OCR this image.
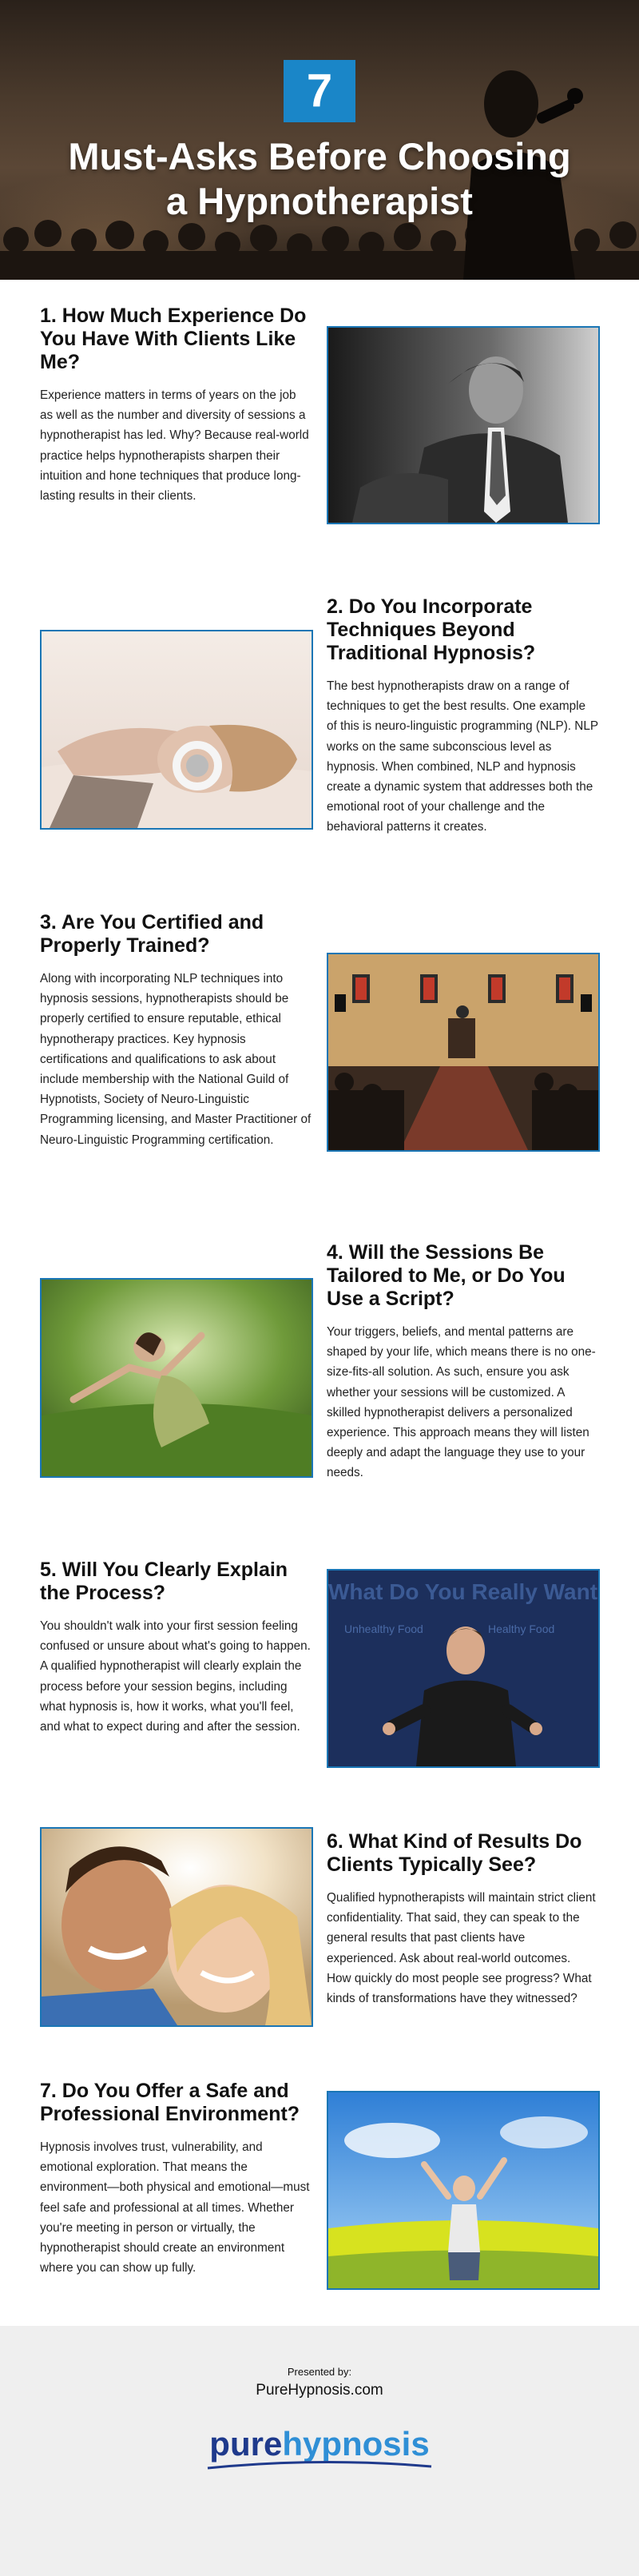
7
Must-Asks Before Choosing
a Hypnotherapist
1. How Much Experience Do You Have With Clients Like Me?

Experience matters in terms of years on the job as well as the number and diversity of sessions a hypnotherapist has led. Why? Because real-world practice helps hypnotherapists sharpen their intuition and hone techniques that produce long-lasting results in their clients.

2. Do You Incorporate Techniques Beyond Traditional Hypnosis?

The best hypnotherapists draw on a range of techniques to get the best results. One example of this is neuro-linguistic programming (NLP). NLP works on the same subconscious level as hypnosis. When combined, NLP and hypnosis create a dynamic system that addresses both the emotional root of your challenge and the behavioral patterns it creates.

3. Are You Certified and Properly Trained?

Along with incorporating NLP techniques into hypnosis sessions, hypnotherapists should be properly certified to ensure reputable, ethical hypnotherapy practices. Key hypnosis certifications and qualifications to ask about include membership with the National Guild of Hypnotists, Society of Neuro-Linguistic Programming licensing, and Master Practitioner of Neuro-Linguistic Programming certification.

4. Will the Sessions Be Tailored to Me, or Do You Use a Script?

Your triggers, beliefs, and mental patterns are shaped by your life, which means there is no one-size-fits-all solution. As such, ensure you ask whether your sessions will be customized. A skilled hypnotherapist delivers a personalized experience. This approach means they will listen deeply and adapt the language they use to your needs.

5. Will You Clearly Explain the Process?

You shouldn't walk into your first session feeling confused or unsure about what's going to happen. A qualified hypnotherapist will clearly explain the process before your session begins, including what hypnosis is, how it works, what you'll feel, and what to expect during and after the session.

What Do You Really Want
Unhealthy Food	Healthy Food
6. What Kind of Results Do Clients Typically See?

Qualified hypnotherapists will maintain strict client confidentiality. That said, they can speak to the general results that past clients have experienced. Ask about real-world outcomes. How quickly do most people see progress? What kinds of transformations have they witnessed?

7. Do You Offer a Safe and Professional Environment?

Hypnosis involves trust, vulnerability, and emotional exploration. That means the environment—both physical and emotional—must feel safe and professional at all times. Whether you're meeting in person or virtually, the hypnotherapist should create an environment where you can show up fully.

Presented by:
PureHypnosis.com
purehypnosis
